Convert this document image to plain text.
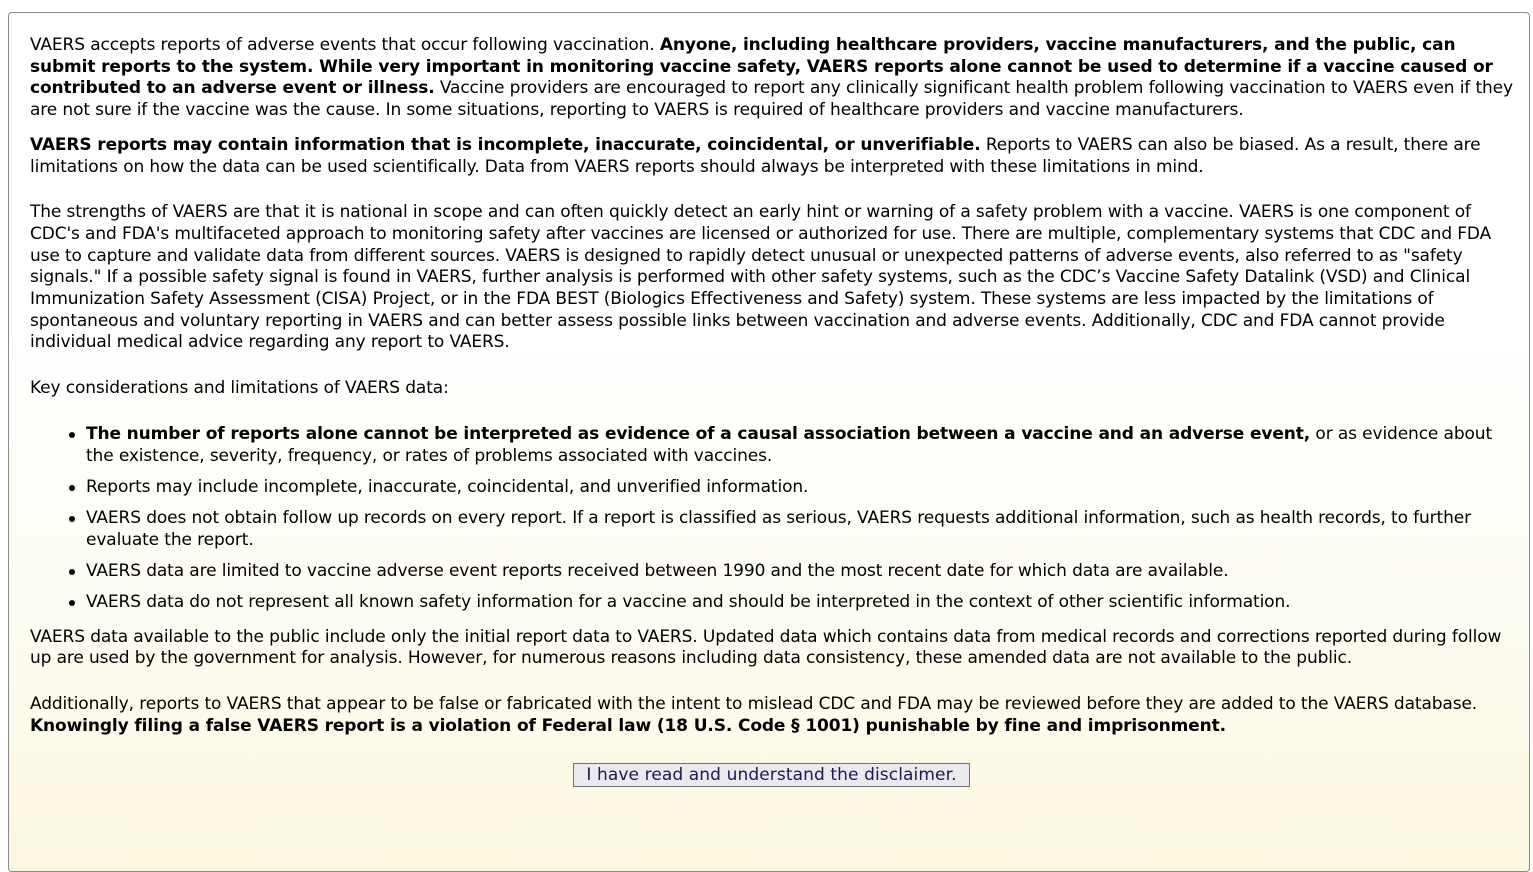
VAERS accepts reports of adverse events that occur following vaccination. Anyone, including healthcare providers, vaccine manufacturers, and the public, can submit reports to the system. While very important in monitoring vaccine safety, VAERS reports alone cannot be used to determine if a vaccine caused or contributed to an adverse event or illness. Vaccine providers are encouraged to report any clinically significant health problem following vaccination to VAERS even if they are not sure if the vaccine was the cause. In some situations, reporting to VAERS is required of healthcare providers and vaccine manufacturers.

VAERS reports may contain information that is incomplete, inaccurate, coincidental, or unverifiable. Reports to VAERS can also be biased. As a result, there are limitations on how the data can be used scientifically. Data from VAERS reports should always be interpreted with these limitations in mind.

The strengths of VAERS are that it is national in scope and can often quickly detect an early hint or warning of a safety problem with a vaccine. VAERS is one component of CDC's and FDA's multifaceted approach to monitoring safety after vaccines are licensed or authorized for use. There are multiple, complementary systems that CDC and FDA use to capture and validate data from different sources. VAERS is designed to rapidly detect unusual or unexpected patterns of adverse events, also referred to as "safety signals." If a possible safety signal is found in VAERS, further analysis is performed with other safety systems, such as the CDC’s Vaccine Safety Datalink (VSD) and Clinical Immunization Safety Assessment (CISA) Project, or in the FDA BEST (Biologics Effectiveness and Safety) system. These systems are less impacted by the limitations of spontaneous and voluntary reporting in VAERS and can better assess possible links between vaccination and adverse events. Additionally, CDC and FDA cannot provide individual medical advice regarding any report to VAERS.

Key considerations and limitations of VAERS data:

The number of reports alone cannot be interpreted as evidence of a causal association between a vaccine and an adverse event, or as evidence about the existence, severity, frequency, or rates of problems associated with vaccines.
Reports may include incomplete, inaccurate, coincidental, and unverified information.
VAERS does not obtain follow up records on every report. If a report is classified as serious, VAERS requests additional information, such as health records, to further evaluate the report.
VAERS data are limited to vaccine adverse event reports received between 1990 and the most recent date for which data are available.
VAERS data do not represent all known safety information for a vaccine and should be interpreted in the context of other scientific information.

VAERS data available to the public include only the initial report data to VAERS. Updated data which contains data from medical records and corrections reported during follow up are used by the government for analysis. However, for numerous reasons including data consistency, these amended data are not available to the public.

Additionally, reports to VAERS that appear to be false or fabricated with the intent to mislead CDC and FDA may be reviewed before they are added to the VAERS database. Knowingly filing a false VAERS report is a violation of Federal law (18 U.S. Code § 1001) punishable by fine and imprisonment.

I have read and understand the disclaimer.
